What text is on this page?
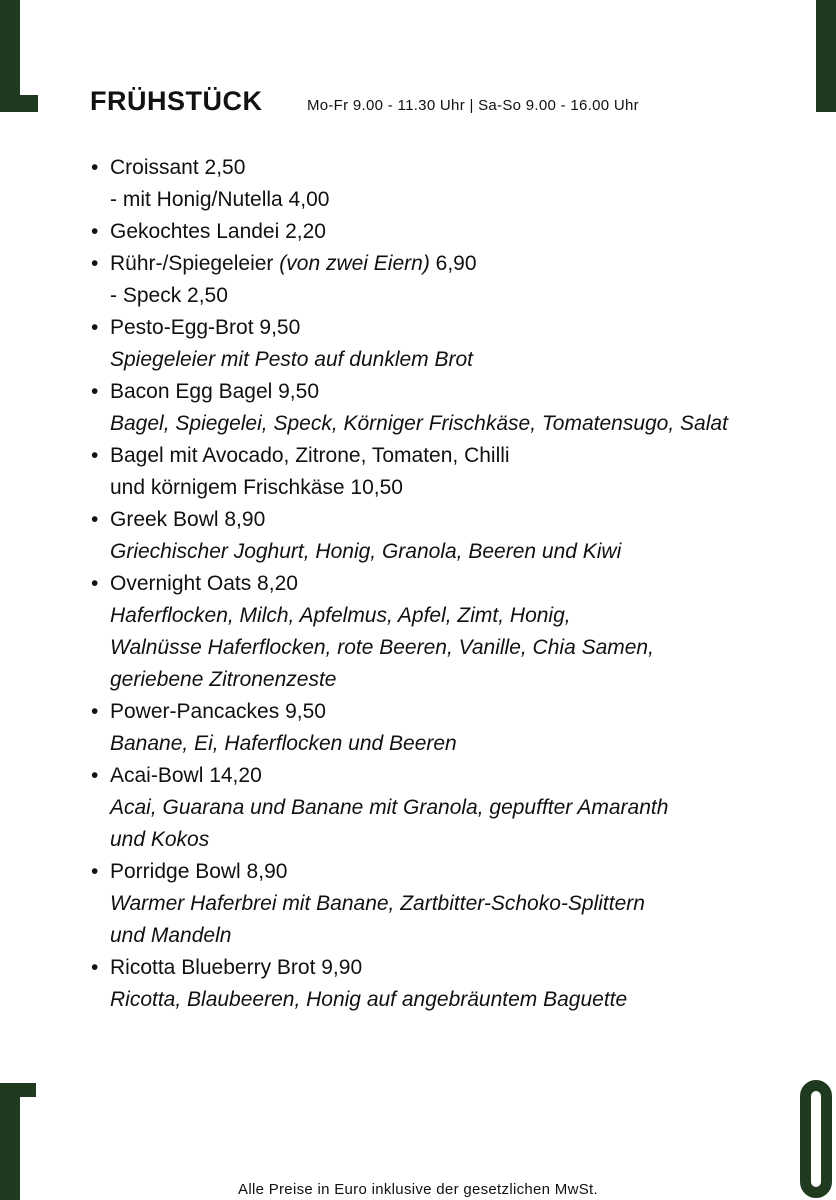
FRÜHSTÜCK	Mo-Fr 9.00 - 11.30 Uhr | Sa-So 9.00 - 16.00 Uhr
• Croissant 2,50
- mit Honig/Nutella 4,00
• Gekochtes Landei 2,20
• Rühr-/Spiegeleier (von zwei Eiern) 6,90
- Speck 2,50
• Pesto-Egg-Brot 9,50
Spiegeleier mit Pesto auf dunklem Brot
• Bacon Egg Bagel 9,50
Bagel, Spiegelei, Speck, Körniger Frischkäse, Tomatensugo, Salat
• Bagel mit Avocado, Zitrone, Tomaten, Chilli
und körnigem Frischkäse 10,50
• Greek Bowl 8,90
Griechischer Joghurt, Honig, Granola, Beeren und Kiwi
• Overnight Oats 8,20
Haferflocken, Milch, Apfelmus, Apfel, Zimt, Honig,
Walnüsse Haferflocken, rote Beeren, Vanille, Chia Samen,
geriebene Zitronenzeste
• Power-Pancackes 9,50
Banane, Ei, Haferflocken und Beeren
• Acai-Bowl 14,20
Acai, Guarana und Banane mit Granola, gepuffter Amaranth
und Kokos
• Porridge Bowl 8,90
Warmer Haferbrei mit Banane, Zartbitter-Schoko-Splittern
und Mandeln
• Ricotta Blueberry Brot 9,90
Ricotta, Blaubeeren, Honig auf angebräuntem Baguette
Alle Preise in Euro inklusive der gesetzlichen MwSt.
